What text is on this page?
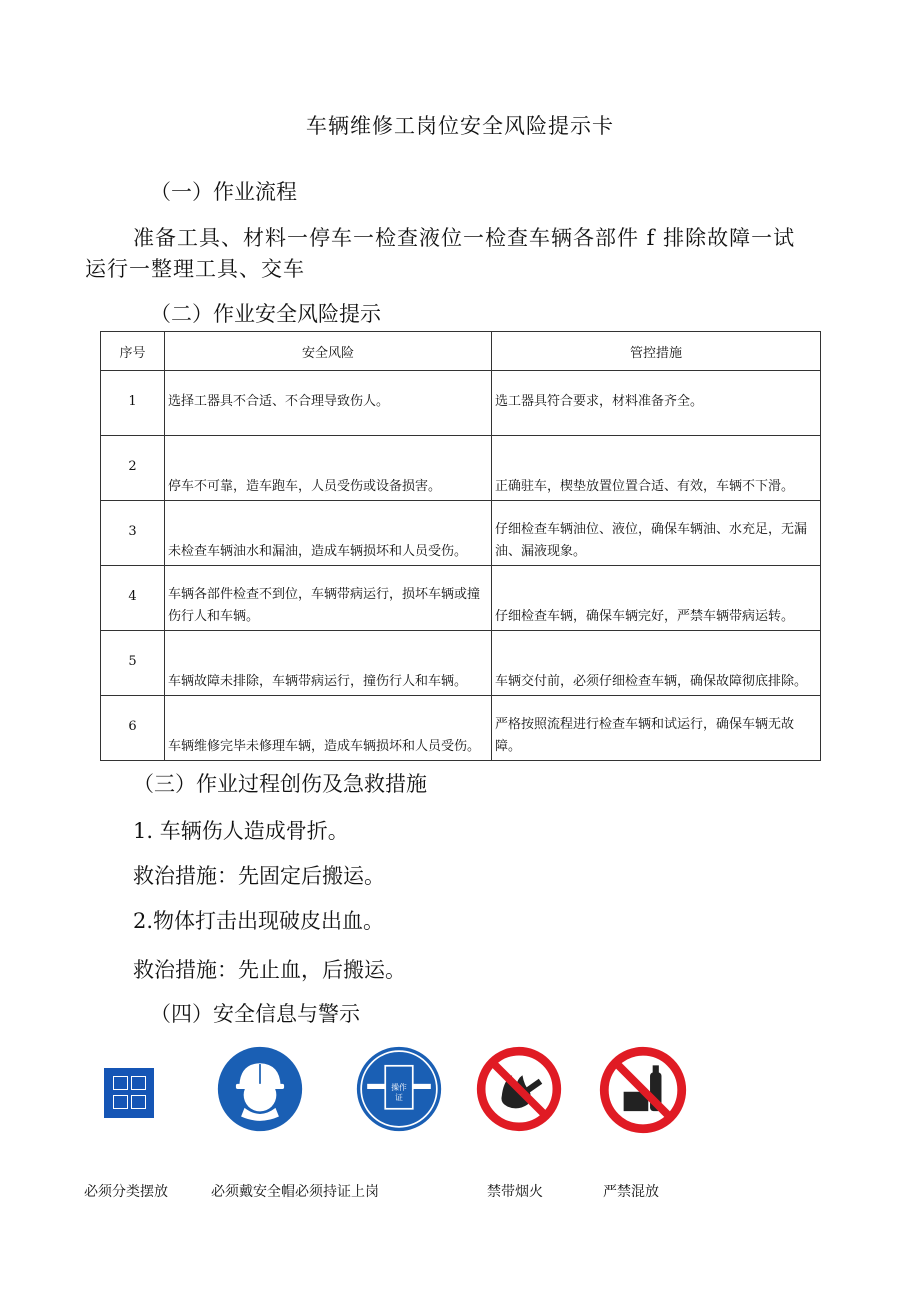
车辆维修工岗位安全风险提示卡
（一）作业流程
准备工具、材料一停车一检查液位一检查车辆各部件 f 排除故障一试
运行一整理工具、交车
（二）作业安全风险提示
序号	安全风险	管控措施
1	选择工器具不合适、不合理导致伤人。	选工器具符合要求，材料准备齐全。
2	停车不可靠，造车跑车，人员受伤或设备损害。	正确驻车，楔垫放置位置合适、有效，车辆不下滑。
3	未检查车辆油水和漏油，造成车辆损坏和人员受伤。	仔细检查车辆油位、液位，确保车辆油、水充足，无漏油、漏液现象。
4	车辆各部件检查不到位，车辆带病运行，损坏车辆或撞伤行人和车辆。	仔细检查车辆，确保车辆完好，严禁车辆带病运转。
5	车辆故障未排除，车辆带病运行，撞伤行人和车辆。	车辆交付前，必须仔细检查车辆，确保故障彻底排除。
6	车辆维修完毕未修理车辆，造成车辆损坏和人员受伤。	严格按照流程进行检查车辆和试运行，确保车辆无故障。
（三）作业过程创伤及急救措施
1. 车辆伤人造成骨折。
救治措施：先固定后搬运。
2.物体打击出现破皮出血。
救治措施：先止血，后搬运。
（四）安全信息与警示
操作证
必须分类摆放	必须戴安全帽必须持证上岗	禁带烟火	严禁混放
